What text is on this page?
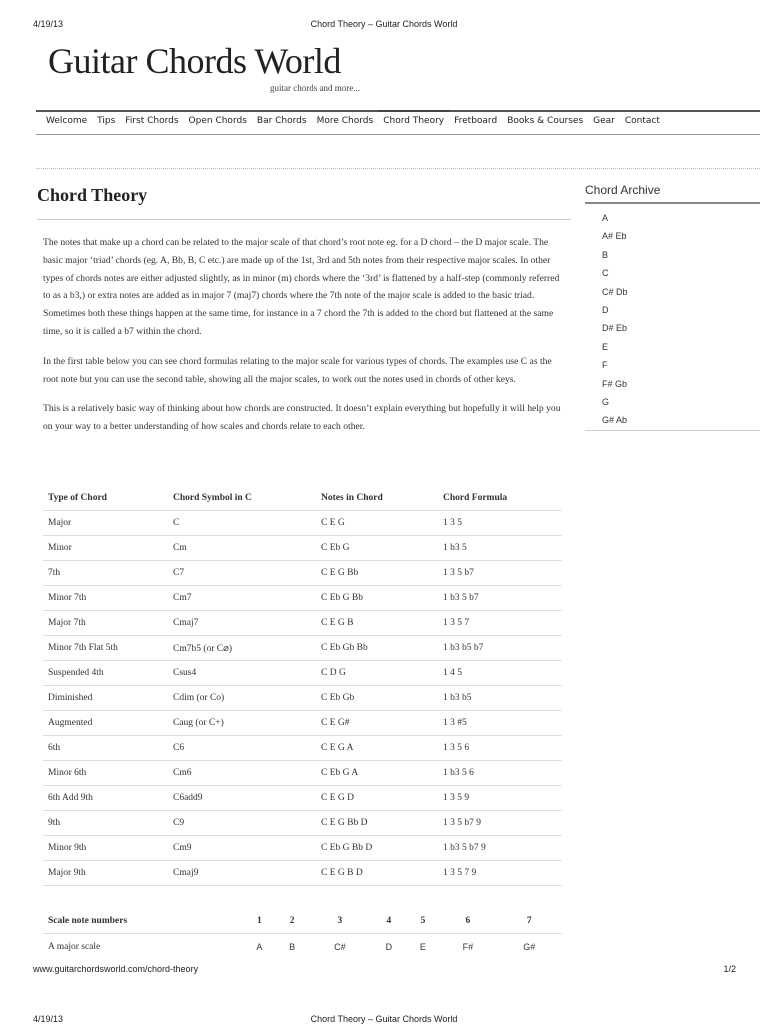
4/19/13	Chord Theory – Guitar Chords World
Guitar Chords World
guitar chords and more...
Welcome	Tips	First Chords	Open Chords	Bar Chords	More Chords	Chord Theory	Fretboard	Books & Courses	Gear	Contact
Chord Theory

The notes that make up a chord can be related to the major scale of that chord’s root note eg. for a D chord – the D major scale. The basic major ‘triad’ chords (eg. A, Bb, B, C etc.) are made up of the 1st, 3rd and 5th notes from their respective major scales. In other types of chords notes are either adjusted slightly, as in minor (m) chords where the ‘3rd’ is flattened by a half-step (commonly referred to as a b3,) or extra notes are added as in major 7 (maj7) chords where the 7th note of the major scale is added to the basic triad. Sometimes both these things happen at the same time, for instance in a 7 chord the 7th is added to the chord but flattened at the same time, so it is called a b7 within the chord.

In the first table below you can see chord formulas relating to the major scale for various types of chords. The examples use C as the root note but you can use the second table, showing all the major scales, to work out the notes used in chords of other keys.

This is a relatively basic way of thinking about how chords are constructed. It doesn’t explain everything but hopefully it will help you on your way to a better understanding of how scales and chords relate to each other.

Type of Chord	Chord Symbol in C	Notes in Chord	Chord Formula
Major	C	C E G	1 3 5
Minor	Cm	C Eb G	1 b3 5
7th	C7	C E G Bb	1 3 5 b7
Minor 7th	Cm7	C Eb G Bb	1 b3 5 b7
Major 7th	Cmaj7	C E G B	1 3 5 7
Minor 7th Flat 5th	Cm7b5 (or C⌀)	C Eb Gb Bb	1 b3 b5 b7
Suspended 4th	Csus4	C D G	1 4 5
Diminished	Cdim (or Co)	C Eb Gb	1 b3 b5
Augmented	Caug (or C+)	C E G#	1 3 #5
6th	C6	C E G A	1 3 5 6
Minor 6th	Cm6	C Eb G A	1 b3 5 6
6th Add 9th	C6add9	C E G D	1 3 5 9
9th	C9	C E G Bb D	1 3 5 b7 9
Minor 9th	Cm9	C Eb G Bb D	1 b3 5 b7 9
Major 9th	Cmaj9	C E G B D	1 3 5 7 9
Scale note numbers	1	2	3	4	5	6	7
A major scale	A	B	C#	D	E	F#	G#
Chord Archive
A
A# Eb
B
C
C# Db
D
D# Eb
E
F
F# Gb
G
G# Ab
www.guitarchordsworld.com/chord-theory	1/2
4/19/13	Chord Theory – Guitar Chords World
